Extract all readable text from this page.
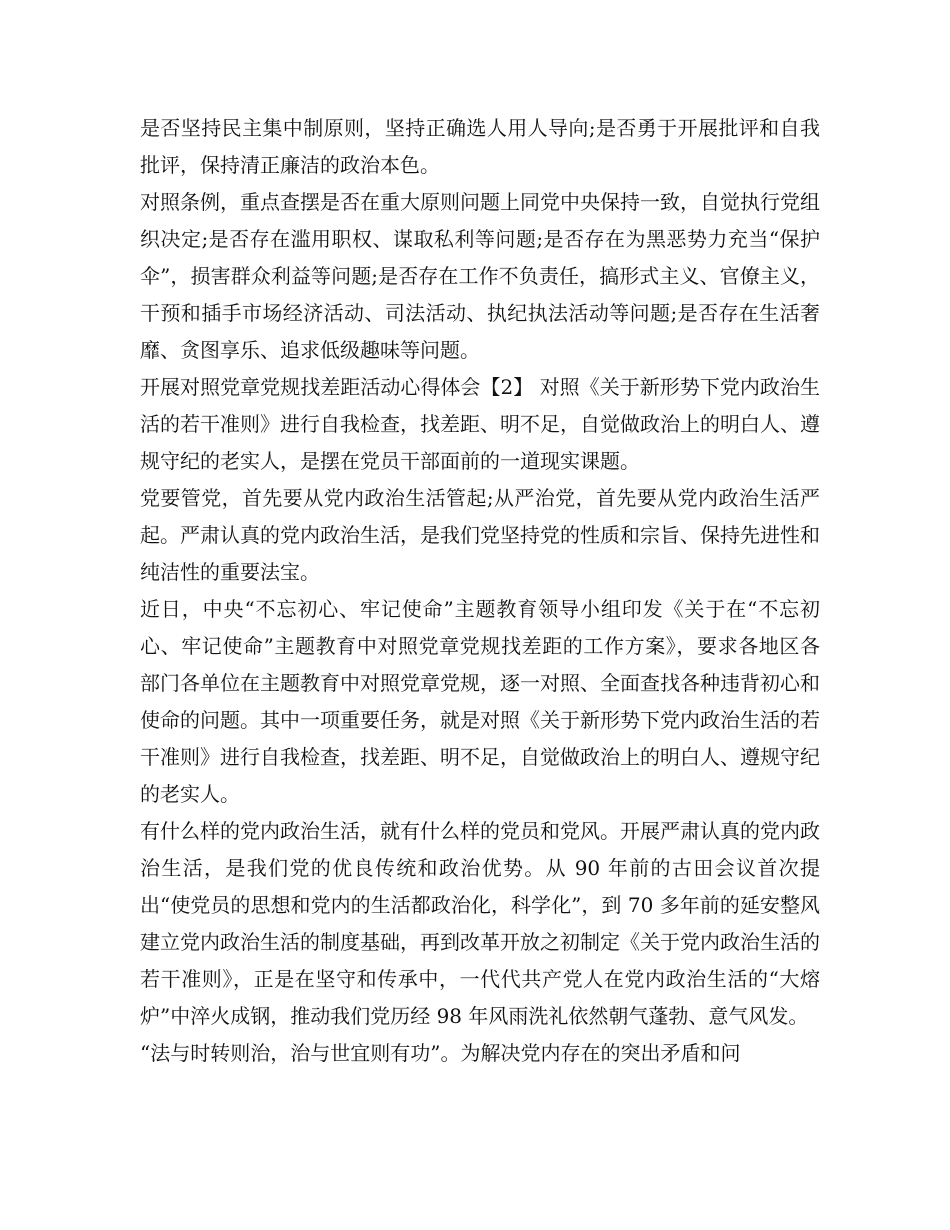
是否坚持民主集中制原则，坚持正确选人用人导向;是否勇于开展批评和自我批评，保持清正廉洁的政治本色。

对照条例，重点查摆是否在重大原则问题上同党中央保持一致，自觉执行党组织决定;是否存在滥用职权、谋取私利等问题;是否存在为黑恶势力充当“保护伞”，损害群众利益等问题;是否存在工作不负责任，搞形式主义、官僚主义，干预和插手市场经济活动、司法活动、执纪执法活动等问题;是否存在生活奢靡、贪图享乐、追求低级趣味等问题。

开展对照党章党规找差距活动心得体会【2】 对照《关于新形势下党内政治生活的若干准则》进行自我检查，找差距、明不足，自觉做政治上的明白人、遵规守纪的老实人，是摆在党员干部面前的一道现实课题。

党要管党，首先要从党内政治生活管起;从严治党，首先要从党内政治生活严起。严肃认真的党内政治生活，是我们党坚持党的性质和宗旨、保持先进性和纯洁性的重要法宝。

近日，中央“不忘初心、牢记使命”主题教育领导小组印发《关于在“不忘初心、牢记使命”主题教育中对照党章党规找差距的工作方案》，要求各地区各部门各单位在主题教育中对照党章党规，逐一对照、全面查找各种违背初心和使命的问题。其中一项重要任务，就是对照《关于新形势下党内政治生活的若干准则》进行自我检查，找差距、明不足，自觉做政治上的明白人、遵规守纪的老实人。

有什么样的党内政治生活，就有什么样的党员和党风。开展严肃认真的党内政治生活，是我们党的优良传统和政治优势。从 90 年前的古田会议首次提出“使党员的思想和党内的生活都政治化，科学化”，到 70 多年前的延安整风建立党内政治生活的制度基础，再到改革开放之初制定《关于党内政治生活的若干准则》，正是在坚守和传承中，一代代共产党人在党内政治生活的“大熔炉”中淬火成钢，推动我们党历经 98 年风雨洗礼依然朝气蓬勃、意气风发。

“法与时转则治，治与世宜则有功”。为解决党内存在的突出矛盾和问
